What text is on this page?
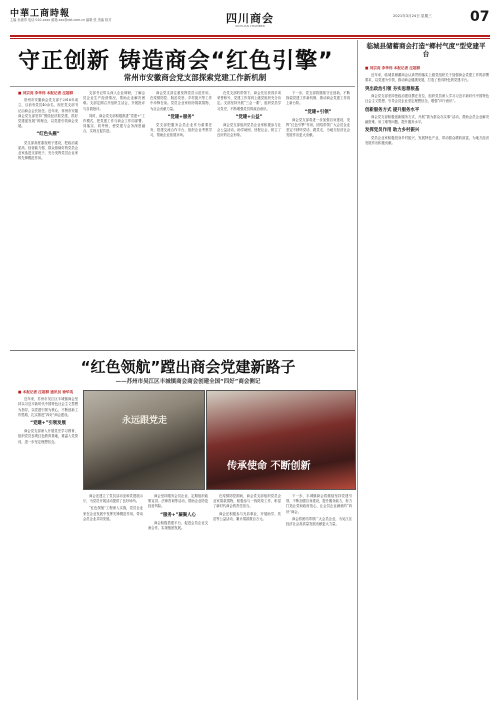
中華工商時報
主编 孙惠青 电话 010-xxxx 邮箱 xxx@cbt.com.cn 编辑 张 美编 校对	四川商会
SICHUAN CHAMBER
2021年3月24日 星期三	07
守正创新 铸造商会“红色引擎”
常州市安徽商会党支部探索党建工作新机制
■ 刘宗亮 李华伟 本报记者 汪超群

常州市安徽商会党支部于2016年成立，目前有党员40余名，现任党支部书记由商会会长担任。近年来，常州市安徽商会党支部坚持“围绕经济抓党建，抓好党建促发展”的理念，以党建引领商会发展。

“红色头雁”

党支部高度重视班子建设，把政治素质高、经营能力强、群众基础好的党员企业家选进支部班子，充分发挥党员企业家的先锋模范作用。

支部书记带头深入企业调研，了解会员企业生产经营情况，帮助企业解决困难。支部定期召开组织生活会，开展批评与自我批评。

同时，商会党支部积极推进“党建+”工作模式，把党建工作与商会工作同部署、同落实、同考核，使党建与会务深度融合，实现互促共进。

商会党支部注重发挥党员示范作用，在疫情防控、脱贫攻坚、乡村振兴等工作中冲锋在前。党员企业家纷纷捐款捐物，为社会贡献力量。

“党建+服务”

党支部把服务会员企业作为重要任务，搭建交流合作平台，组织企业考察学习，帮助企业拓展市场。

在党支部的带领下，商会先后获得多项荣誉称号，党建工作得到上级党组织充分肯定。支部坚持开展“三会一课”，组织党员学习党史，不断增强党员的政治意识。

“党建+公益”

商会党支部组织党员企业家积极参与社会公益活动，助学助困，回报社会，树立了良好的社会形象。

下一步，党支部将继续守正创新，不断探索党建工作新机制，推动商会党建工作再上新台阶。

“党建+引领”

商会党支部将进一步加强自身建设，发挥“红色引擎”作用，团结带领广大会员企业坚定不移听党话、跟党走，为地方经济社会发展作出更大贡献。

临城县储蓄商会打造“鄉村气度”型党建平台
■ 刘宗亮 李华伟 本报记者 汪超群

近年来，临城县储蓄商会认真贯彻落实上级党组织关于加强商会党建工作的部署要求，以党建为引领，推动商会健康发展，打造了独具特色的党建平台。

突出政治引领 夯实思想根基

商会党支部坚持把政治建设摆在首位，组织党员深入学习习近平新时代中国特色社会主义思想，引导会员企业坚定理想信念，增强“四个意识”。

创新服务方式 提升服务水平

商会党支部积极创新服务方式，开展“我为群众办实事”活动，帮助会员企业解决融资难、用工难等问题，提升服务水平。

发挥党员作用 助力乡村振兴

党员企业家积极投身乡村振兴，发展特色产业，带动群众增收致富，为地方经济发展作出积极贡献。

“红色领航”蹚出商会党建新路子
——苏州市吴江区丰城镇商会商会创建全国“四好”商会侧记
■ 本报记者 汪超群 通讯员 徐华英

近年来，苏州市吴江区丰城镇商会坚持以习近平新时代中国特色社会主义思想为指导，以党建引领为核心，不断创新工作思路，扎实推进“四好”商会建设。

“党建+”引领发展

商会党支部深入开展党史学习教育，组织党员参观红色教育基地，重温入党誓词，进一步坚定理想信念。

永远跟党走
传承使命 不断创新

商会还建立了党员活动室和党建展示厅，为党员开展活动提供了良好场所。

“红色领航”工程深入实施，党员企业家在企业发展中发挥先锋模范作用，带动会员企业共同发展。

商会坚持服务会员企业，定期组织政策宣讲、法律咨询等活动，帮助企业防范经营风险。

“服务+”凝聚人心

商会积极搭建平台，促进会员企业交流合作，实现抱团发展。

在疫情防控期间，商会党支部组织党员企业家捐款捐物，积极参与一线防疫工作，彰显了新时代商会的责任担当。

商会还积极参与光彩事业，开展助学、扶贫等公益活动，累计捐款数百万元。

下一步，丰城镇商会将继续坚持党建引领，不断加强自身建设，提升服务能力，努力打造让党和政府放心、让会员企业满意的“四好”商会。

商会将团结带领广大会员企业，为吴江区经济社会高质量发展贡献更大力量。
